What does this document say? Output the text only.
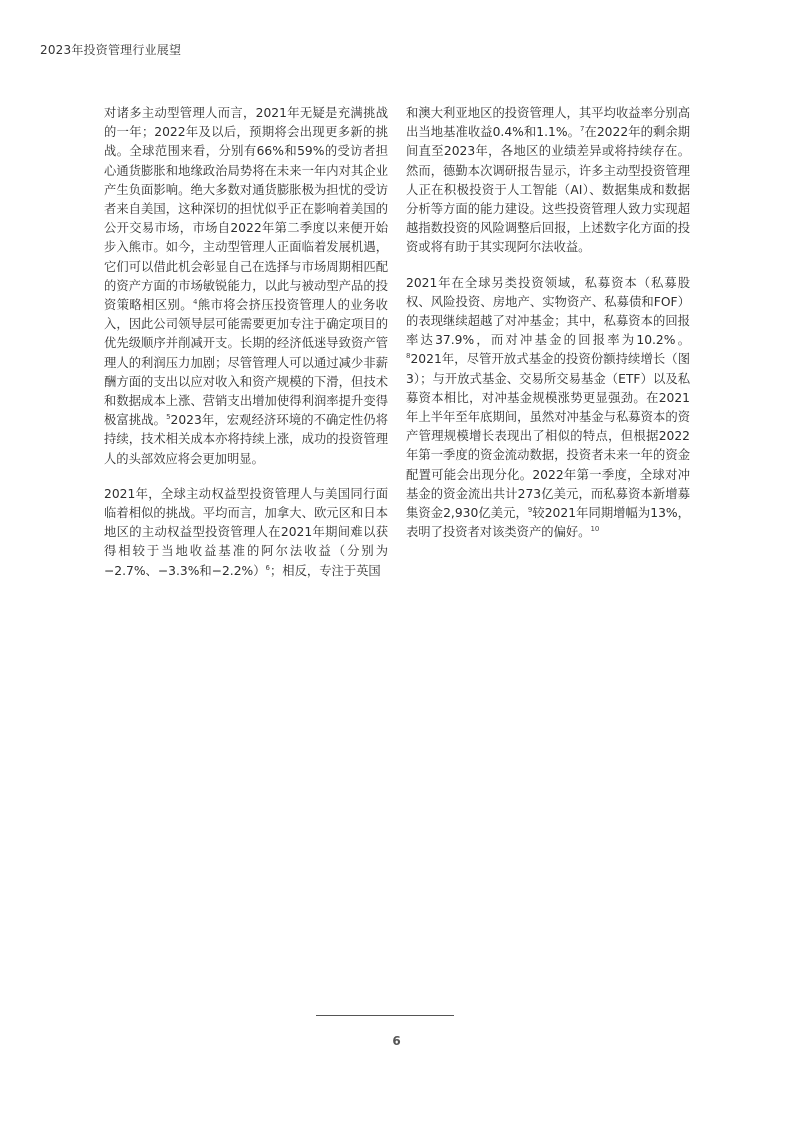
2023年投资管理行业展望

对诸多主动型管理人而言，2021年无疑是充满挑战的一年；2022年及以后，预期将会出现更多新的挑战。全球范围来看，分别有66%和59%的受访者担心通货膨胀和地缘政治局势将在未来一年内对其企业产生负面影响。绝大多数对通货膨胀极为担忧的受访者来自美国，这种深切的担忧似乎正在影响着美国的公开交易市场，市场自2022年第二季度以来便开始步入熊市。如今，主动型管理人正面临着发展机遇，它们可以借此机会彰显自己在选择与市场周期相匹配的资产方面的市场敏锐能力，以此与被动型产品的投资策略相区别。$^4$熊市将会挤压投资管理人的业务收入，因此公司领导层可能需要更加专注于确定项目的优先级顺序并削减开支。长期的经济低迷导致资产管理人的利润压力加剧；尽管管理人可以通过减少非薪酬方面的支出以应对收入和资产规模的下滑，但技术和数据成本上涨、营销支出增加使得利润率提升变得极富挑战。$^5$2023年，宏观经济环境的不确定性仍将持续，技术相关成本亦将持续上涨，成功的投资管理人的头部效应将会更加明显。

2021年，全球主动权益型投资管理人与美国同行面临着相似的挑战。平均而言，加拿大、欧元区和日本地区的主动权益型投资管理人在2021年期间难以获得相较于当地收益基准的阿尔法收益（分别为−2.7%、−3.3%和−2.2%）$^6$；相反，专注于英国

和澳大利亚地区的投资管理人，其平均收益率分别高出当地基准收益0.4%和1.1%。$^7$在2022年的剩余期间直至2023年，各地区的业绩差异或将持续存在。然而，德勤本次调研报告显示，许多主动型投资管理人正在积极投资于人工智能（AI）、数据集成和数据分析等方面的能力建设。这些投资管理人致力实现超越指数投资的风险调整后回报，上述数字化方面的投资或将有助于其实现阿尔法收益。

2021年在全球另类投资领域，私募资本（私募股权、风险投资、房地产、实物资产、私募债和FOF）的表现继续超越了对冲基金；其中，私募资本的回报率达37.9%，而对冲基金的回报率为10.2%。$^8$2021年，尽管开放式基金的投资份额持续增长（图3）；与开放式基金、交易所交易基金（ETF）以及私募资本相比，对冲基金规模涨势更显强劲。在2021年上半年至年底期间，虽然对冲基金与私募资本的资产管理规模增长表现出了相似的特点，但根据2022年第一季度的资金流动数据，投资者未来一年的资金配置可能会出现分化。2022年第一季度，全球对冲基金的资金流出共计273亿美元，而私募资本新增募集资金2,930亿美元，$^9$较2021年同期增幅为13%，表明了投资者对该类资产的偏好。$^{10}$

6
